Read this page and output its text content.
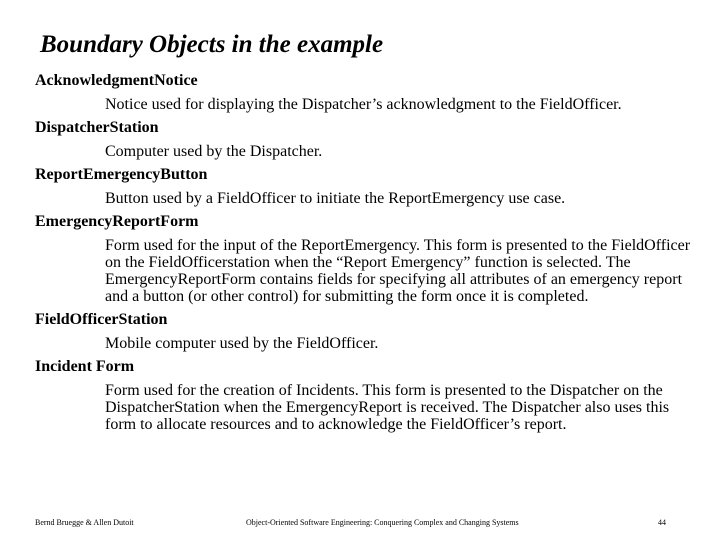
Boundary Objects in the example
AcknowledgmentNotice
Notice used for displaying the Dispatcher’s acknowledgment to the FieldOfficer.
DispatcherStation
Computer used by the Dispatcher.
ReportEmergencyButton
Button used by a FieldOfficer to initiate the ReportEmergency use case.
EmergencyReportForm
Form used for the input of the ReportEmergency. This form is presented to the FieldOfficer on the FieldOfficerstation when the “Report Emergency” function is selected. The EmergencyReportForm contains fields for specifying all attributes of an emergency report and a button (or other control) for submitting the form once it is completed.
FieldOfficerStation
Mobile computer used by the FieldOfficer.
Incident Form
Form used for the creation of Incidents. This form is presented to the Dispatcher on the DispatcherStation when the EmergencyReport is received. The Dispatcher also uses this form to allocate resources and to acknowledge the FieldOfficer’s report.
Bernd Bruegge & Allen Dutoit	Object-Oriented Software Engineering: Conquering Complex and Changing Systems	44
